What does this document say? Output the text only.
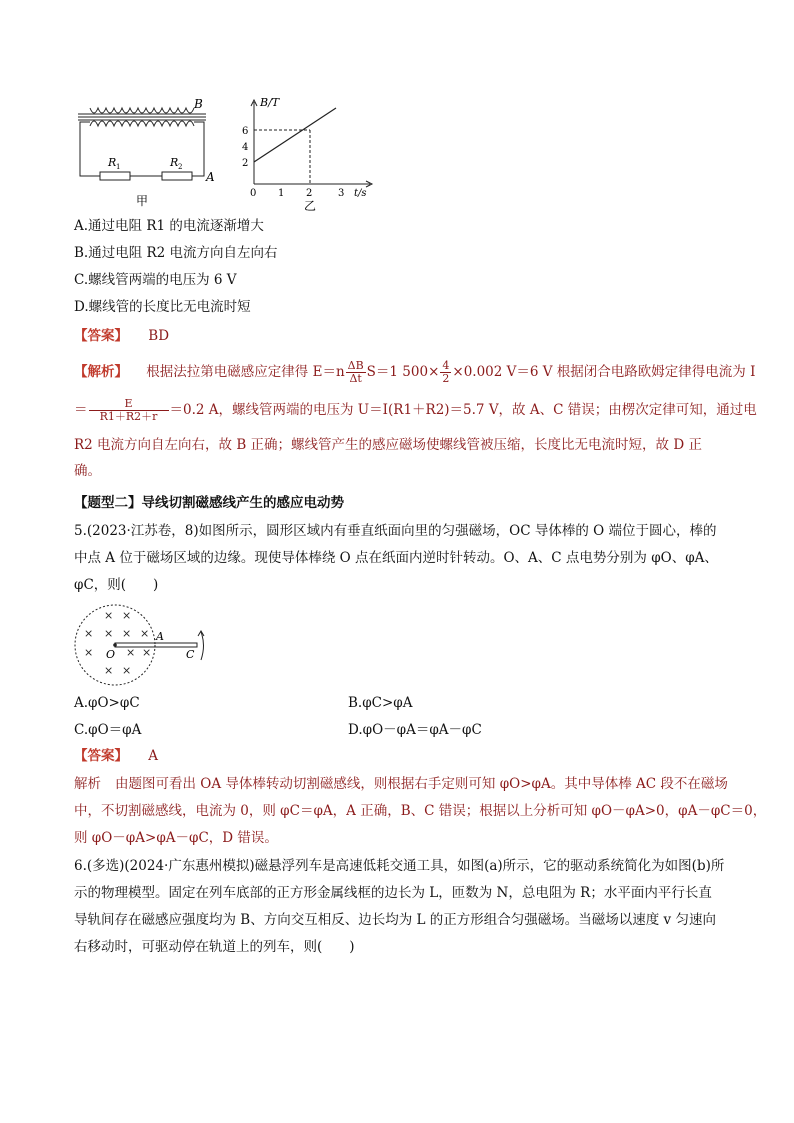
B
A
R 1	R 2
甲
B/T
6
4
2
0 1 2	3 t/s
乙
A.通过电阻 R1 的电流逐渐增大
B.通过电阻 R2 电流方向自左向右
C.螺线管两端的电压为 6 V
D.螺线管的长度比无电流时短
【答案】 BD
【解析】 根据法拉第电磁感应定律得 $E=n \frac{\Delta B}{\Delta t} S=1$ $500\times \frac{4}{2} \times 0.002$ V＝6 V 根据闭合电路欧姆定律得电流为 I
＝ $\frac{E}{R1+R2+r} =0.2$ A，螺线管两端的电压为 U＝I(R1＋R2)＝5.7 V，故 A、C 错误；由楞次定律可知，通过电
R2 电流方向自左向右，故 B 正确；螺线管产生的感应磁场使螺线管被压缩，长度比无电流时短，故 D 正
确。
【题型二】导线切割磁感线产生的感应电动势
5.(2023·江苏卷，8)如图所示，圆形区域内有垂直纸面向里的匀强磁场，OC 导体棒的 O 端位于圆心，棒的
中点 A 位于磁场区域的边缘。现使导体棒绕 O 点在纸面内逆时针转动。O、A、C 点电势分别为 φO、φA、
φC，则(　　)
× ×
× × × ×
×	× ×
× ×
O
A
C
A.φO>φC
C.φO＝φA
B.φC>φA
D.φO－φA＝φA－φC
【答案】 A
解析 由题图可看出 OA 导体棒转动切割磁感线，则根据右手定则可知 φO>φA。其中导体棒 AC 段不在磁场
中，不切割磁感线，电流为 0，则 φC＝φA，A 正确，B、C 错误；根据以上分析可知 φO－φA>0，φA－φC＝0，
则 φO－φA>φA－φC，D 错误。
6.(多选)(2024·广东惠州模拟)磁悬浮列车是高速低耗交通工具，如图(a)所示，它的驱动系统简化为如图(b)所
示的物理模型。固定在列车底部的正方形金属线框的边长为 L，匝数为 N，总电阻为 R；水平面内平行长直
导轨间存在磁感应强度均为 B、方向交互相反、边长均为 L 的正方形组合匀强磁场。当磁场以速度 v 匀速向
右移动时，可驱动停在轨道上的列车，则(　　)
